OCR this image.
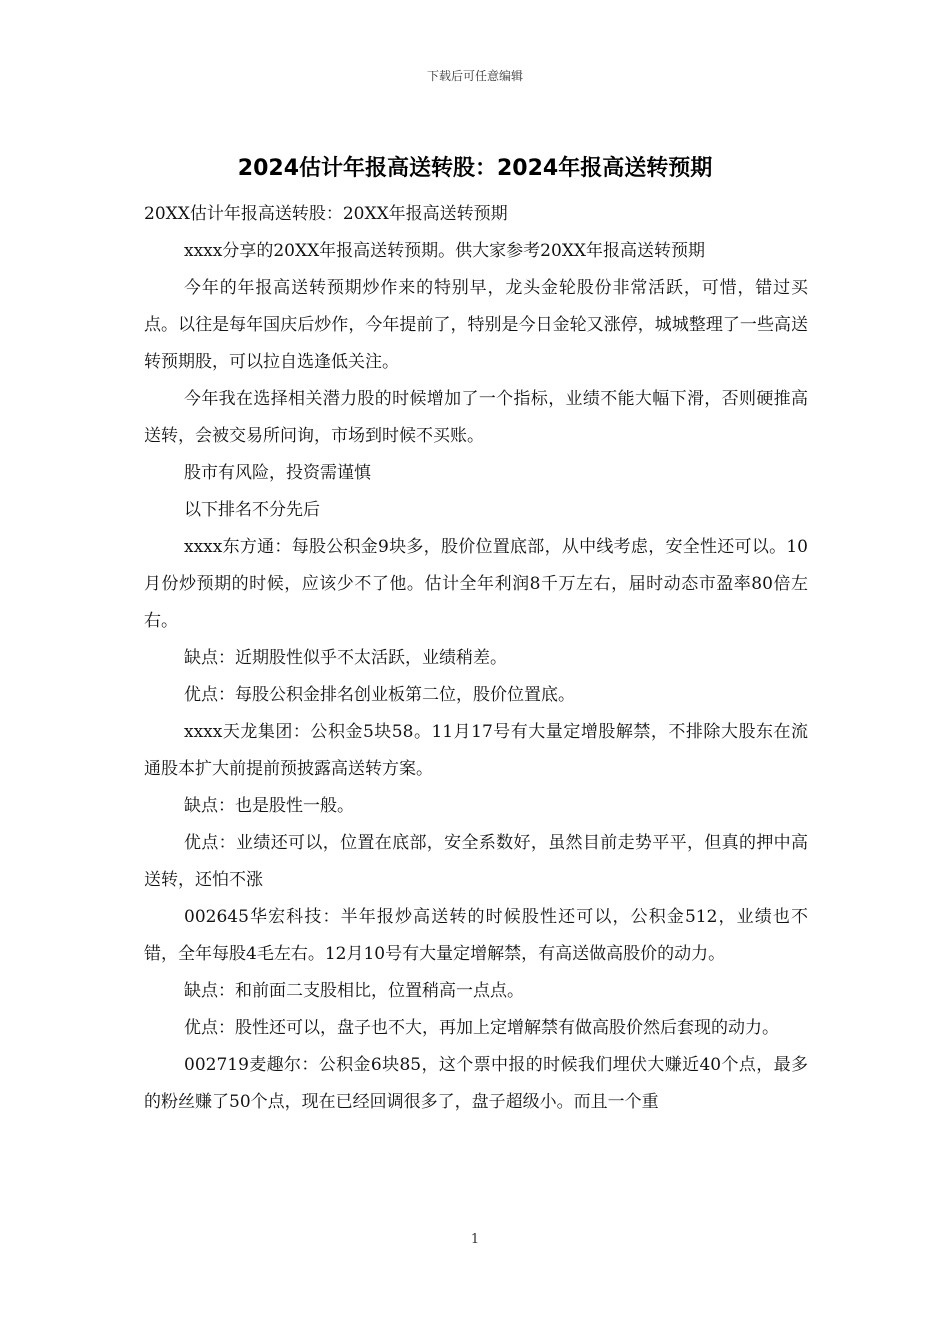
下载后可任意编辑
2024估计年报高送转股：2024年报高送转预期

20XX估计年报高送转股：20XX年报高送转预期

xxxx分享的20XX年报高送转预期。供大家参考20XX年报高送转预期

今年的年报高送转预期炒作来的特别早，龙头金轮股份非常活跃，可惜，错过买点。以往是每年国庆后炒作，今年提前了，特别是今日金轮又涨停，城城整理了一些高送转预期股，可以拉自选逢低关注。

今年我在选择相关潜力股的时候增加了一个指标，业绩不能大幅下滑，否则硬推高送转，会被交易所问询，市场到时候不买账。

股市有风险，投资需谨慎

以下排名不分先后

xxxx东方通：每股公积金9块多，股价位置底部，从中线考虑，安全性还可以。10月份炒预期的时候，应该少不了他。估计全年利润8千万左右，届时动态市盈率80倍左右。

缺点：近期股性似乎不太活跃，业绩稍差。

优点：每股公积金排名创业板第二位，股价位置底。

xxxx天龙集团：公积金5块58。11月17号有大量定增股解禁，不排除大股东在流通股本扩大前提前预披露高送转方案。

缺点：也是股性一般。

优点：业绩还可以，位置在底部，安全系数好，虽然目前走势平平，但真的押中高送转，还怕不涨

002645华宏科技：半年报炒高送转的时候股性还可以，公积金512，业绩也不错，全年每股4毛左右。12月10号有大量定增解禁，有高送做高股价的动力。

缺点：和前面二支股相比，位置稍高一点点。

优点：股性还可以，盘子也不大，再加上定增解禁有做高股价然后套现的动力。

002719麦趣尔：公积金6块85，这个票中报的时候我们埋伏大赚近40个点，最多的粉丝赚了50个点，现在已经回调很多了，盘子超级小。而且一个重

1
